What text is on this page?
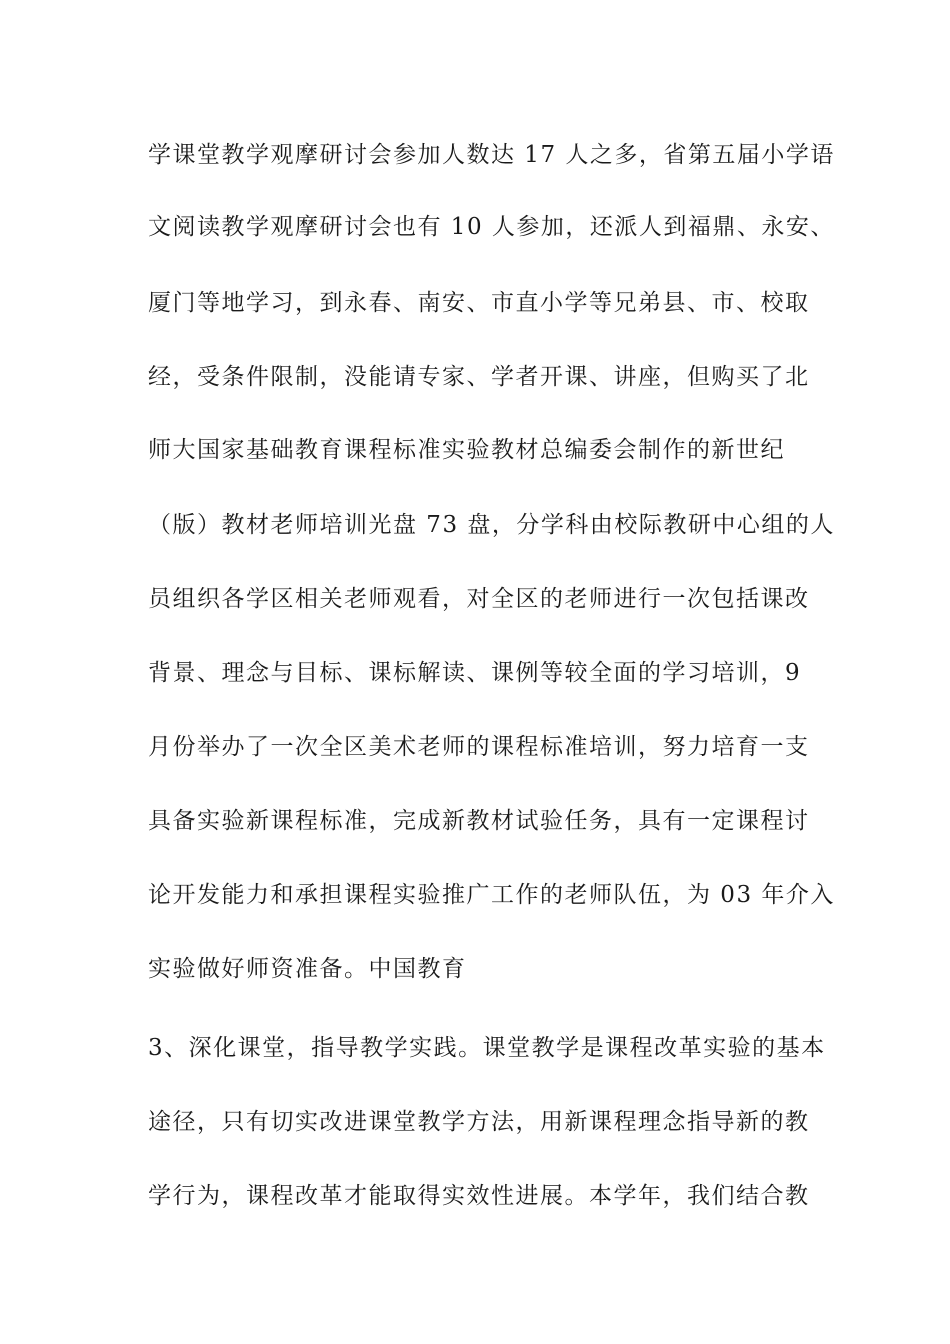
学课堂教学观摩研讨会参加人数达 17 人之多，省第五届小学语
文阅读教学观摩研讨会也有 10 人参加，还派人到福鼎、永安、
厦门等地学习，到永春、南安、市直小学等兄弟县、市、校取
经，受条件限制，没能请专家、学者开课、讲座，但购买了北
师大国家基础教育课程标准实验教材总编委会制作的新世纪
（版）教材老师培训光盘 73 盘，分学科由校际教研中心组的人
员组织各学区相关老师观看，对全区的老师进行一次包括课改
背景、理念与目标、课标解读、课例等较全面的学习培训，9
月份举办了一次全区美术老师的课程标准培训，努力培育一支
具备实验新课程标准，完成新教材试验任务，具有一定课程讨
论开发能力和承担课程实验推广工作的老师队伍，为 03 年介入
实验做好师资准备。中国教育
3、深化课堂，指导教学实践。课堂教学是课程改革实验的基本
途径，只有切实改进课堂教学方法，用新课程理念指导新的教
学行为，课程改革才能取得实效性进展。本学年，我们结合教
